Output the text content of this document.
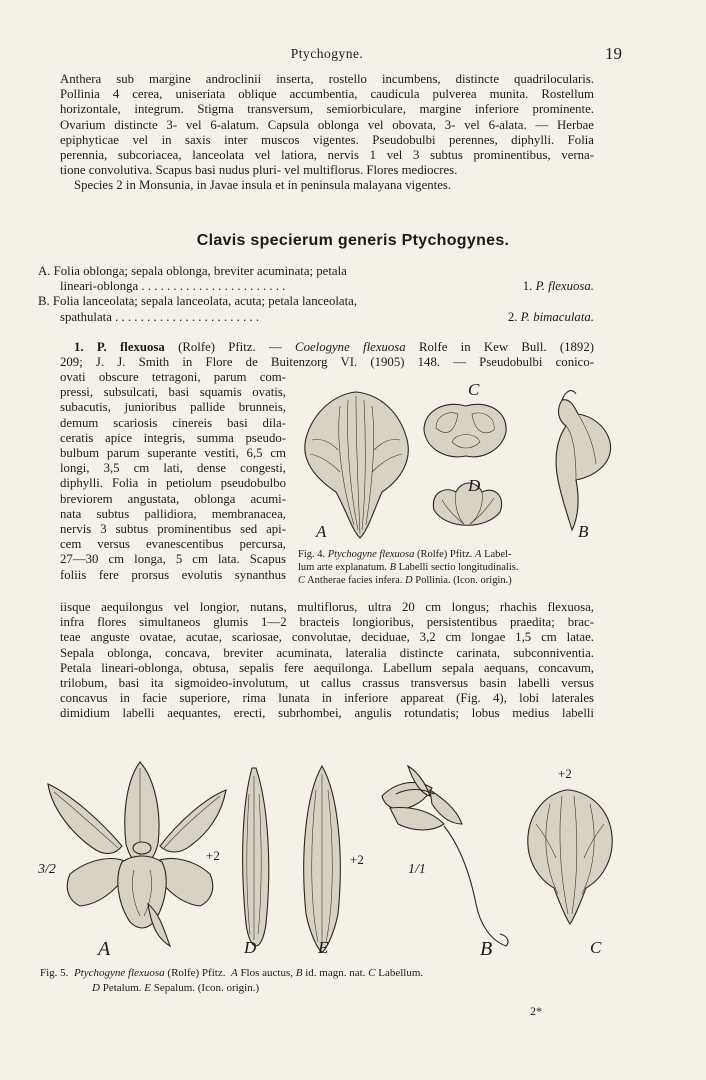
Ptychogyne.	19
Anthera sub margine androclinii inserta, rostello incumbens, distincte quadrilocularis.
Pollinia 4 cerea, uniseriata oblique accumbentia, caudicula pulverea munita. Rostellum
horizontale, integrum. Stigma transversum, semiorbiculare, margine inferiore prominente.
Ovarium distincte 3- vel 6-alatum. Capsula oblonga vel obovata, 3- vel 6-alata. — Herbae
epiphyticae vel in saxis inter muscos vigentes. Pseudobulbi perennes, diphylli. Folia
perennia, subcoriacea, lanceolata vel latiora, nervis 1 vel 3 subtus prominentibus, verna-
tione convolutiva. Scapus basi nudus pluri- vel multiflorus. Flores mediocres.
Species 2 in Monsunia, in Javae insula et in peninsula malayana vigentes.
Clavis specierum generis Ptychogynes.
A. Folia oblonga; sepala oblonga, breviter acuminata; petala
lineari-oblonga . . . . . . . . . . . . . . . . . . . . . . .	1. P. flexuosa.
B. Folia lanceolata; sepala lanceolata, acuta; petala lanceolata,
spathulata . . . . . . . . . . . . . . . . . . . . . . .	2. P. bimaculata.
1. P. flexuosa (Rolfe) Pfitz. — Coelogyne flexuosa Rolfe in Kew Bull. (1892)
209; J. J. Smith in Flore de Buitenzorg VI. (1905) 148. — Pseudobulbi conico-
ovati obscure tetragoni, parum com-
pressi, subsulcati, basi squamis ovatis,
subacutis, junioribus pallide brunneis,
demum scariosis cinereis basi dila-
ceratis apice integris, summa pseudo-
bulbum parum superante vestiti, 6,5 cm
longi, 3,5 cm lati, dense congesti,
diphylli. Folia in petiolum pseudobulbo
breviorem angustata, oblonga acumi-
nata subtus pallidiora, membranacea,
nervis 3 subtus prominentibus sed api-
cem versus evanescentibus percursa,
27—30 cm longa, 5 cm lata. Scapus
foliis fere prorsus evolutis synanthus
A
C
D
B
Fig. 4. Ptychogyne flexuosa (Rolfe) Pfitz. A Label-
lum arte explanatum. B Labelli sectio longitudinalis.
C Antherae facies infera. D Pollinia. (Icon. origin.)
iisque aequilongus vel longior, nutans, multiflorus, ultra 20 cm longus; rhachis flexuosa,
infra flores simultaneos glumis 1—2 bracteis longioribus, persistentibus praedita; brac-
teae anguste ovatae, acutae, scariosae, convolutae, deciduae, 3,2 cm longae 1,5 cm latae.
Sepala oblonga, concava, breviter acuminata, lateralia distincte carinata, subconniventia.
Petala lineari-oblonga, obtusa, sepalis fere aequilonga. Labellum sepala aequans, concavum,
trilobum, basi ita sigmoideo-involutum, ut callus crassus transversus basin labelli versus
concavus in facie superiore, rima lunata in inferiore appareat (Fig. 4), lobi laterales
dimidium labelli aequantes, erecti, subrhombei, angulis rotundatis; lobus medius labelli
A	D	E	B	C
3/2
+2	+2
1/1
+2
Fig. 5. Ptychogyne flexuosa (Rolfe) Pfitz. A Flos auctus, B id. magn. nat. C Labellum.
D Petalum. E Sepalum. (Icon. origin.)
2*
